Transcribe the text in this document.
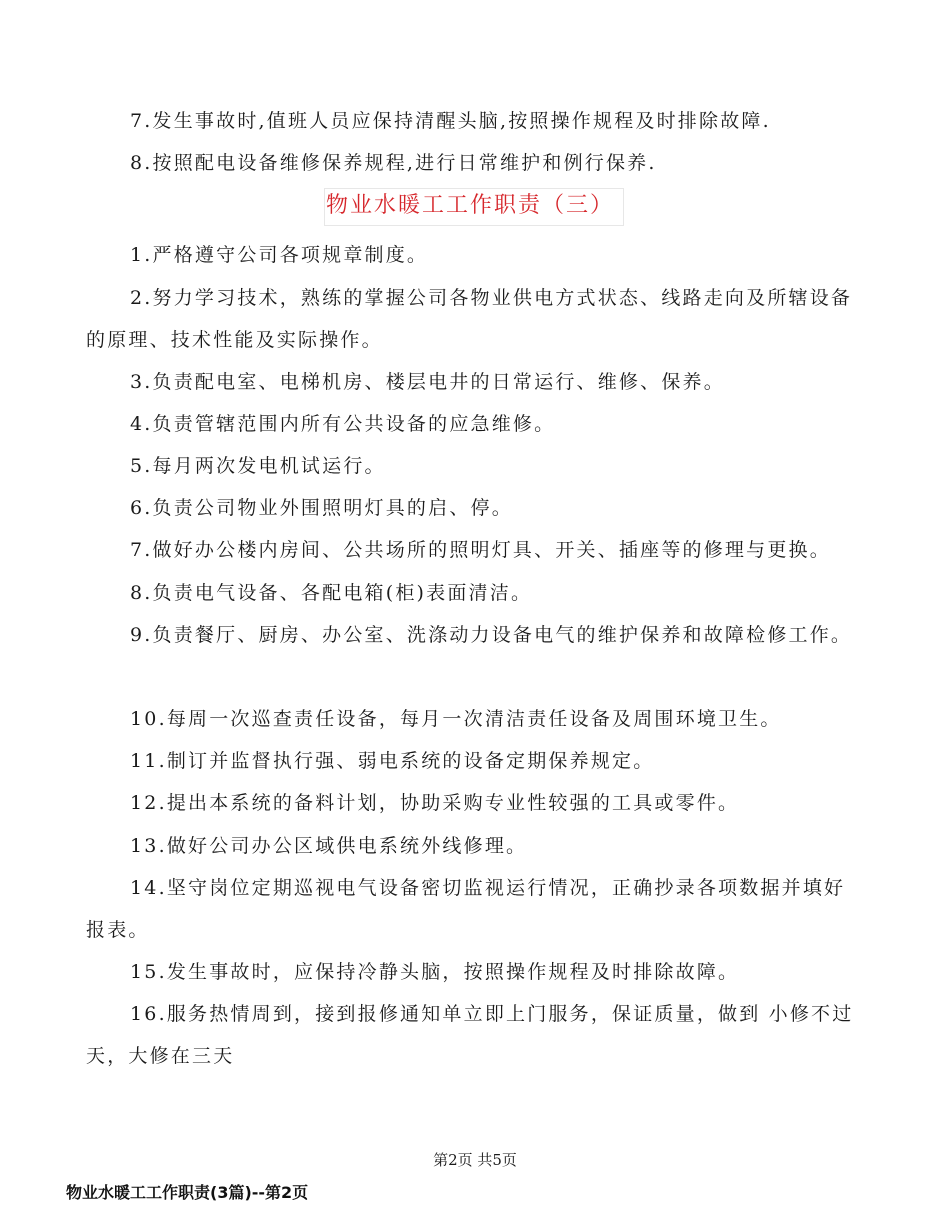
7.发生事故时,值班人员应保持清醒头脑,按照操作规程及时排除故障.

8.按照配电设备维修保养规程,进行日常维护和例行保养.

物业水暖工工作职责（三）

1.严格遵守公司各项规章制度。

2.努力学习技术，熟练的掌握公司各物业供电方式状态、线路走向及所辖设备的原理、技术性能及实际操作。

3.负责配电室、电梯机房、楼层电井的日常运行、维修、保养。

4.负责管辖范围内所有公共设备的应急维修。

5.每月两次发电机试运行。

6.负责公司物业外围照明灯具的启、停。

7.做好办公楼内房间、公共场所的照明灯具、开关、插座等的修理与更换。

8.负责电气设备、各配电箱(柜)表面清洁。

9.负责餐厅、厨房、办公室、洗涤动力设备电气的维护保养和故障检修工作。

10.每周一次巡查责任设备，每月一次清洁责任设备及周围环境卫生。

11.制订并监督执行强、弱电系统的设备定期保养规定。

12.提出本系统的备料计划，协助采购专业性较强的工具或零件。

13.做好公司办公区域供电系统外线修理。

14.坚守岗位定期巡视电气设备密切监视运行情况，正确抄录各项数据并填好报表。

15.发生事故时，应保持冷静头脑，按照操作规程及时排除故障。

16.服务热情周到，接到报修通知单立即上门服务，保证质量，做到 小修不过天，大修在三天

第2页 共5页

物业水暖工工作职责(3篇)--第2页
